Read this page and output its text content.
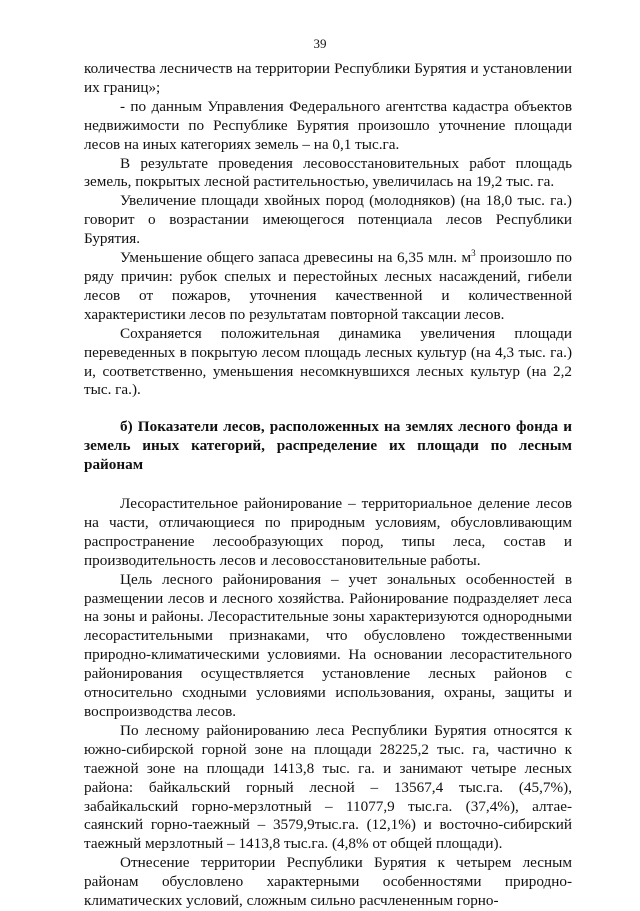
39

количества лесничеств на территории Республики Бурятия и установлении их границ»;

- по данным Управления Федерального агентства кадастра объектов недвижимости по Республике Бурятия произошло уточнение площади лесов на иных категориях земель – на 0,1 тыс.га.

В результате проведения лесовосстановительных работ площадь земель, покрытых лесной растительностью, увеличилась на 19,2 тыс. га.

Увеличение площади хвойных пород (молодняков) (на 18,0 тыс. га.) говорит о возрастании имеющегося потенциала лесов Республики Бурятия.

Уменьшение общего запаса древесины на 6,35 млн. $м^3$ произошло по ряду причин: рубок спелых и перестойных лесных насаждений, гибели лесов от пожаров, уточнения качественной и количественной характеристики лесов по результатам повторной таксации лесов.

Сохраняется положительная динамика увеличения площади переведенных в покрытую лесом площадь лесных культур (на 4,3 тыс. га.) и, соответственно, уменьшения несомкнувшихся лесных культур (на 2,2 тыс. га.).

б) Показатели лесов, расположенных на землях лесного фонда и земель иных категорий, распределение их площади по лесным районам

Лесорастительное районирование – территориальное деление лесов на части, отличающиеся по природным условиям, обусловливающим распространение лесообразующих пород, типы леса, состав и производительность лесов и лесовосстановительные работы.

Цель лесного районирования – учет зональных особенностей в размещении лесов и лесного хозяйства. Районирование подразделяет леса на зоны и районы. Лесорастительные зоны характеризуются однородными лесорастительными признаками, что обусловлено тождественными природно-климатическими условиями. На основании лесорастительного районирования осуществляется установление лесных районов с относительно сходными условиями использования, охраны, защиты и воспроизводства лесов.

По лесному районированию леса Республики Бурятия относятся к южно-сибирской горной зоне на площади 28225,2 тыс. га, частично к таежной зоне на площади 1413,8 тыс. га. и занимают четыре лесных района: байкальский горный лесной – 13567,4 тыс.га. (45,7%), забайкальский горно-мерзлотный – 11077,9 тыс.га. (37,4%), алтае-саянский горно-таежный – 3579,9тыс.га. (12,1%) и восточно-сибирский таежный мерзлотный – 1413,8 тыс.га. (4,8% от общей площади).

Отнесение территории Республики Бурятия к четырем лесным районам обусловлено характерными особенностями природно-климатических условий, сложным сильно расчлененным горно-
